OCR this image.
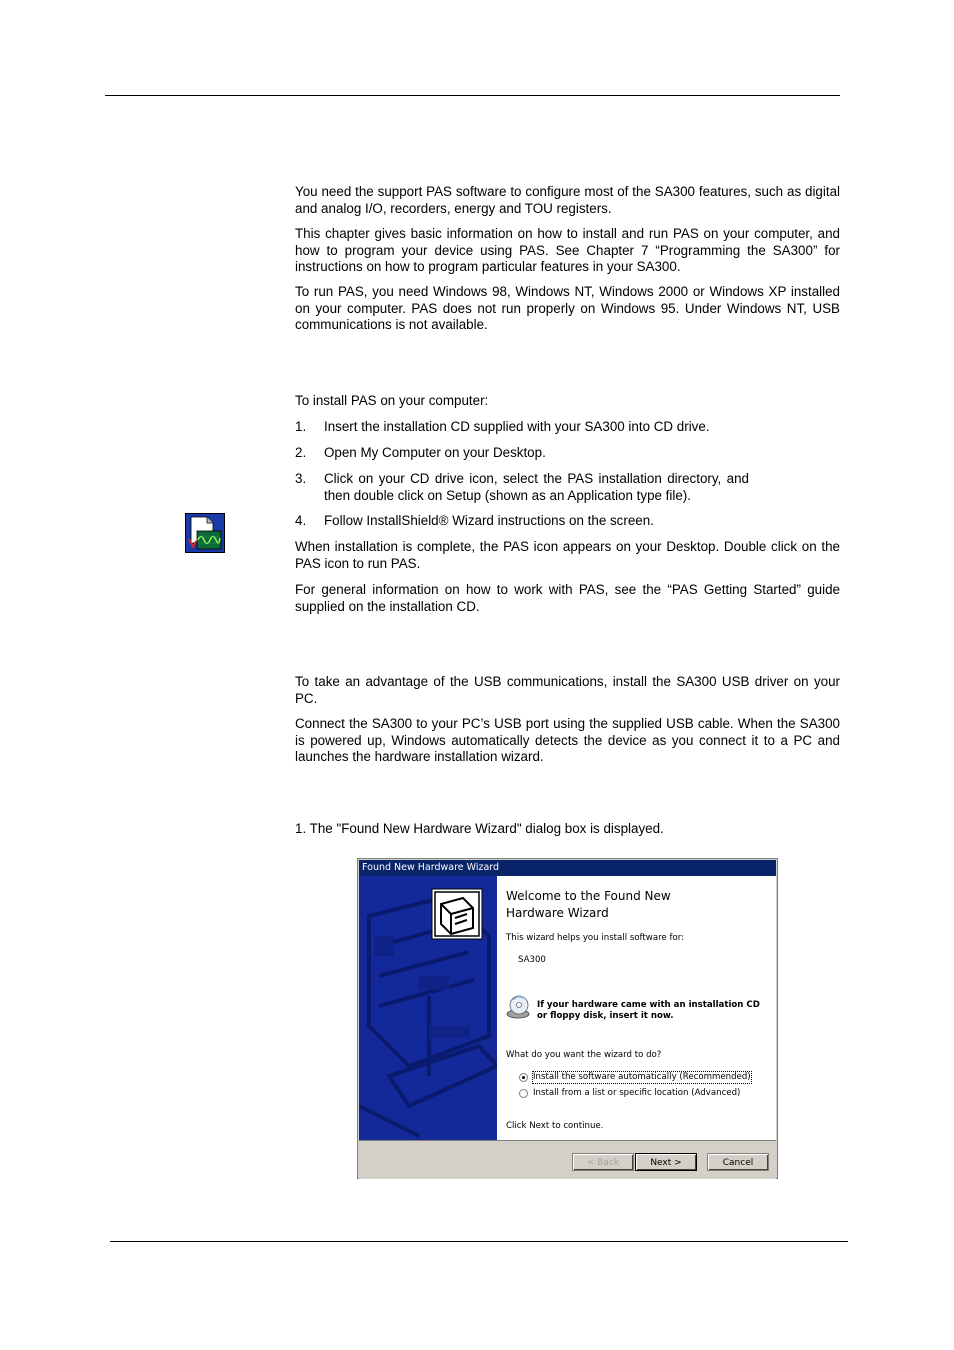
You need the support PAS software to configure most of the SA300 features, such as digital and analog I/O, recorders, energy and TOU registers.

This chapter gives basic information on how to install and run PAS on your computer, and how to program your device using PAS. See Chapter 7 “Programming the SA300” for instructions on how to program particular features in your SA300.

To run PAS, you need Windows 98, Windows NT, Windows 2000 or Windows XP installed on your computer. PAS does not run properly on Windows 95. Under Windows NT, USB communications is not available.

To install PAS on your computer:

1. Insert the installation CD supplied with your SA300 into CD drive.
2. Open My Computer on your Desktop.
3. Click on your CD drive icon, select the PAS installation directory, and then double click on Setup (shown as an Application type file).
4. Follow InstallShield® Wizard instructions on the screen.

When installation is complete, the PAS icon appears on your Desktop. Double click on the PAS icon to run PAS.

For general information on how to work with PAS, see the “PAS Getting Started” guide supplied on the installation CD.

To take an advantage of the USB communications, install the SA300 USB driver on your PC.

Connect the SA300 to your PC’s USB port using the supplied USB cable. When the SA300 is powered up, Windows automatically detects the device as you connect it to a PC and launches the hardware installation wizard.

1. The "Found New Hardware Wizard" dialog box is displayed.

Found New Hardware Wizard
Welcome to the Found New Hardware Wizard
This wizard helps you install software for:
SA300
If your hardware came with an installation CD or floppy disk, insert it now.
What do you want the wizard to do?
Install the software automatically (Recommended)
Install from a list or specific location (Advanced)
Click Next to continue.
< Back	Next >	Cancel
